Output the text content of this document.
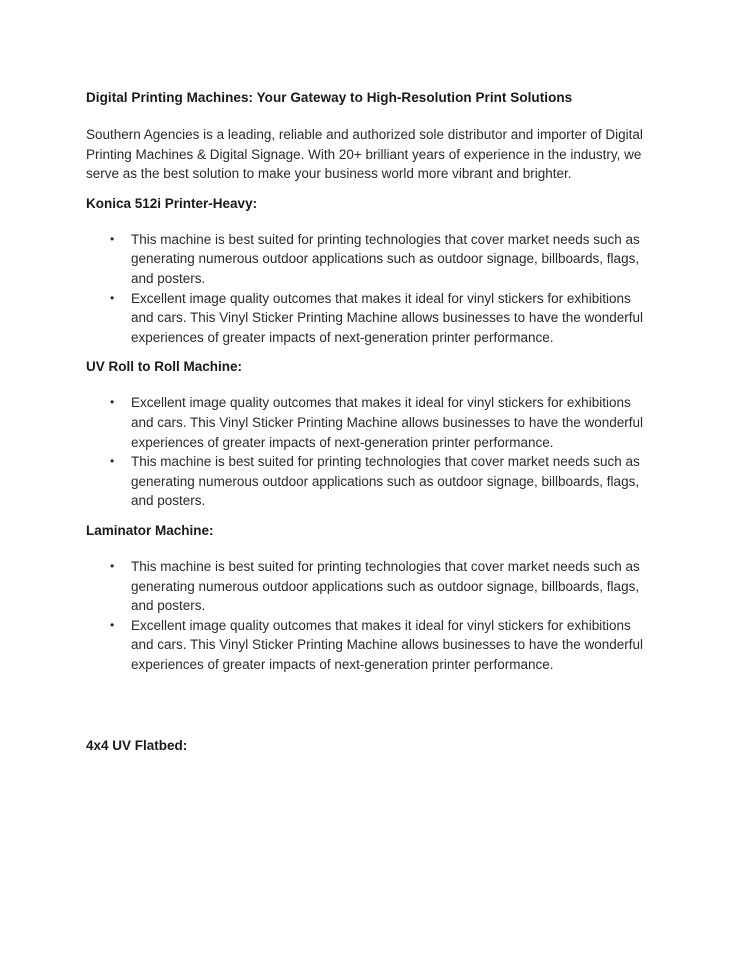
Digital Printing Machines: Your Gateway to High-Resolution Print Solutions
Southern Agencies is a leading, reliable and authorized sole distributor and importer of Digital Printing Machines & Digital Signage. With 20+ brilliant years of experience in the industry, we serve as the best solution to make your business world more vibrant and brighter.
Konica 512i Printer-Heavy:
• This machine is best suited for printing technologies that cover market needs such as generating numerous outdoor applications such as outdoor signage, billboards, flags, and posters.
• Excellent image quality outcomes that makes it ideal for vinyl stickers for exhibitions and cars. This Vinyl Sticker Printing Machine allows businesses to have the wonderful experiences of greater impacts of next-generation printer performance.
UV Roll to Roll Machine:
• Excellent image quality outcomes that makes it ideal for vinyl stickers for exhibitions and cars. This Vinyl Sticker Printing Machine allows businesses to have the wonderful experiences of greater impacts of next-generation printer performance.
• This machine is best suited for printing technologies that cover market needs such as generating numerous outdoor applications such as outdoor signage, billboards, flags, and posters.
Laminator Machine:
• This machine is best suited for printing technologies that cover market needs such as generating numerous outdoor applications such as outdoor signage, billboards, flags, and posters.
• Excellent image quality outcomes that makes it ideal for vinyl stickers for exhibitions and cars. This Vinyl Sticker Printing Machine allows businesses to have the wonderful experiences of greater impacts of next-generation printer performance.
4x4 UV Flatbed:
